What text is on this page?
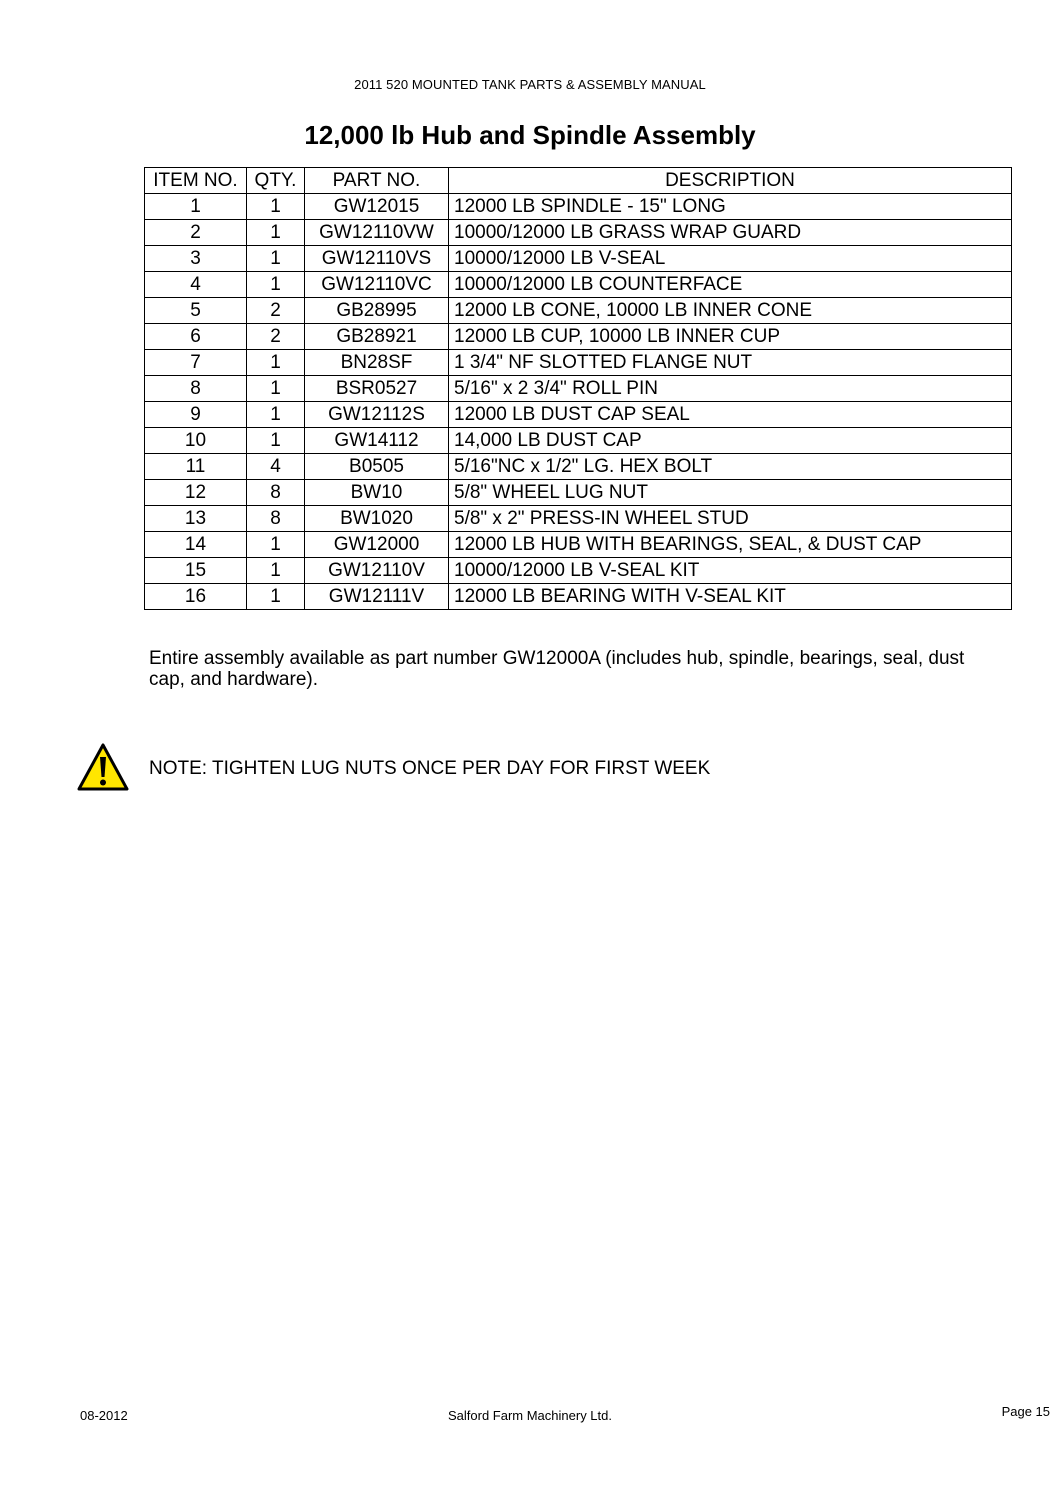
2011 520 MOUNTED TANK PARTS & ASSEMBLY MANUAL
12,000 lb Hub and Spindle Assembly
ITEM NO.	QTY.	PART NO.	DESCRIPTION
1	1	GW12015	12000 LB SPINDLE - 15" LONG
2	1	GW12110VW	10000/12000 LB GRASS WRAP GUARD
3	1	GW12110VS	10000/12000 LB V-SEAL
4	1	GW12110VC	10000/12000 LB COUNTERFACE
5	2	GB28995	12000 LB CONE, 10000 LB INNER CONE
6	2	GB28921	12000 LB CUP, 10000 LB INNER CUP
7	1	BN28SF	1 3/4" NF SLOTTED FLANGE NUT
8	1	BSR0527	5/16" x 2 3/4" ROLL PIN
9	1	GW12112S	12000 LB DUST CAP SEAL
10	1	GW14112	14,000 LB DUST CAP
11	4	B0505	5/16"NC x 1/2" LG. HEX BOLT
12	8	BW10	5/8" WHEEL LUG NUT
13	8	BW1020	5/8" x 2" PRESS-IN WHEEL STUD
14	1	GW12000	12000 LB HUB WITH BEARINGS, SEAL, & DUST CAP
15	1	GW12110V	10000/12000 LB V-SEAL KIT
16	1	GW12111V	12000 LB BEARING WITH V-SEAL KIT
Entire assembly available as part number GW12000A (includes hub, spindle, bearings, seal, dust cap, and hardware).
NOTE: TIGHTEN LUG NUTS ONCE PER DAY FOR FIRST WEEK
08-2012	Salford Farm Machinery Ltd.	Page 15
